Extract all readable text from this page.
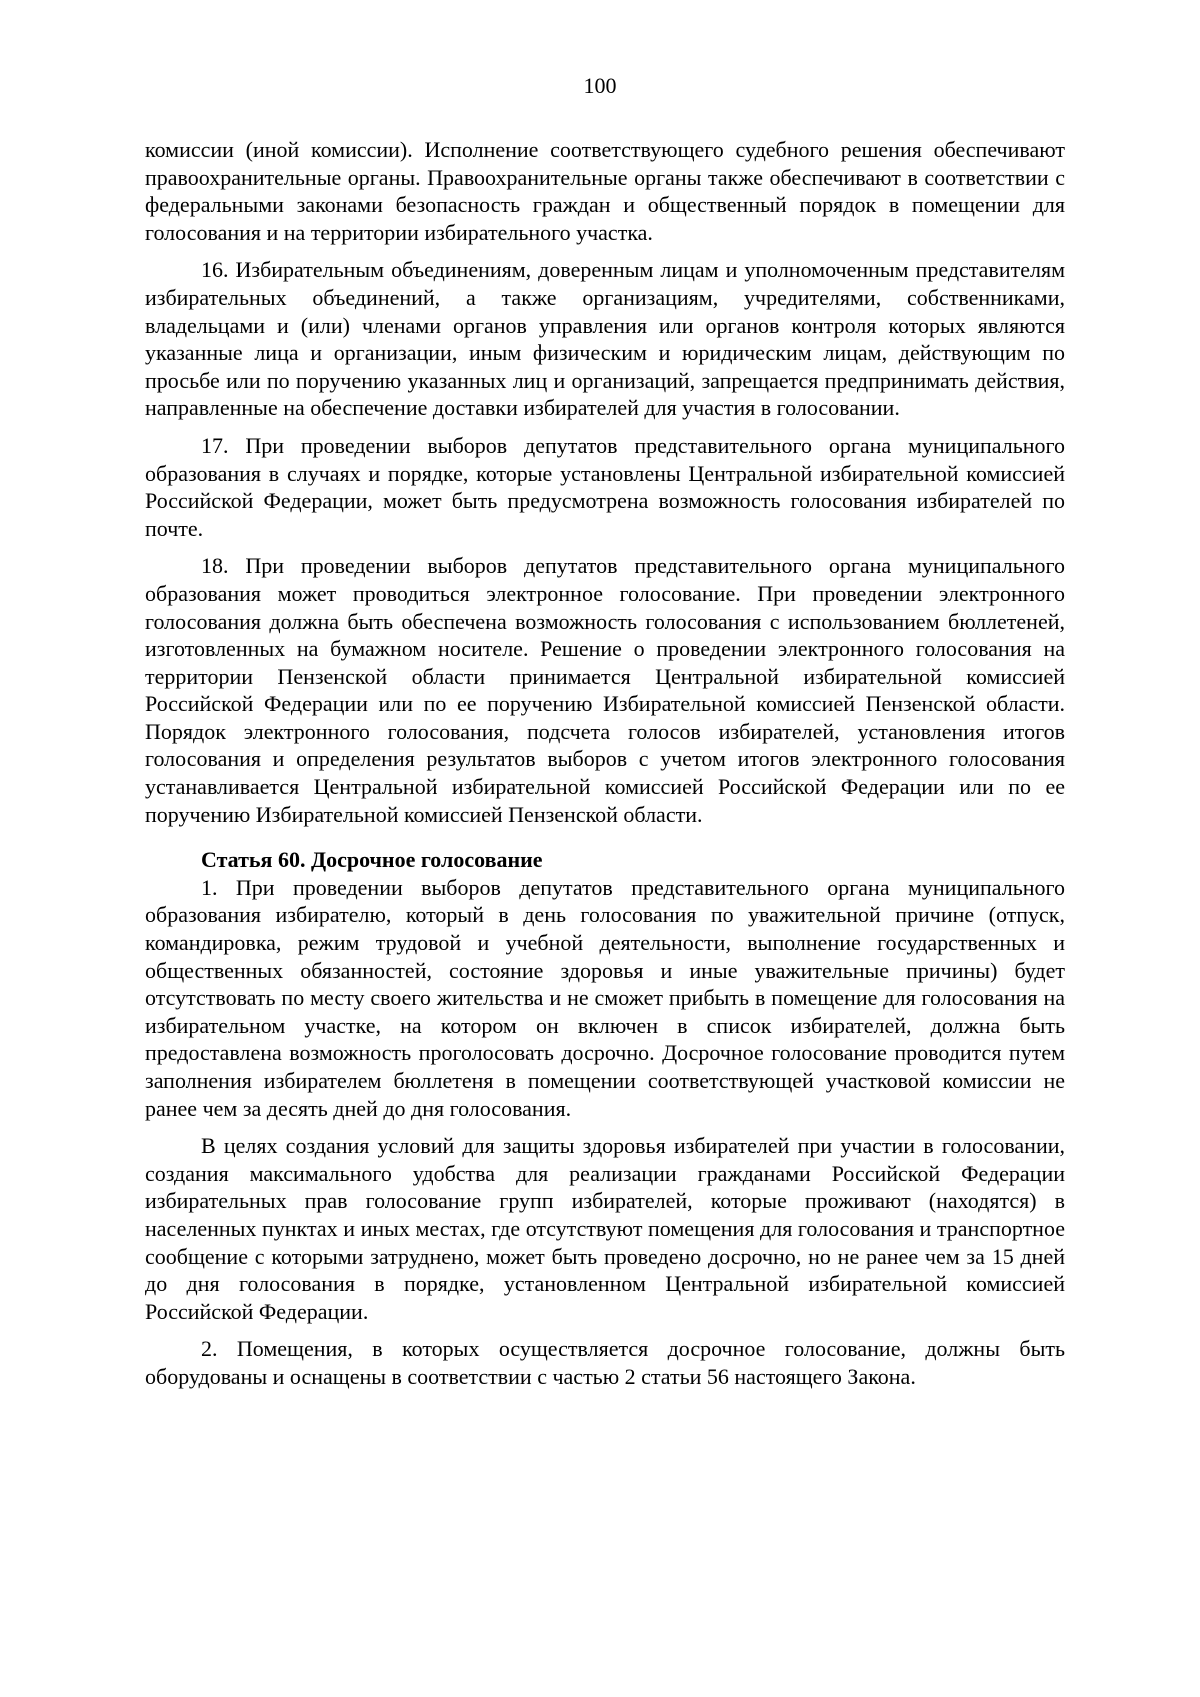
100

комиссии (иной комиссии). Исполнение соответствующего судебного решения обеспечивают правоохранительные органы. Правоохранительные органы также обеспечивают в соответствии с федеральными законами безопасность граждан и общественный порядок в помещении для голосования и на территории избирательного участка.

16. Избирательным объединениям, доверенным лицам и уполномоченным представителям избирательных объединений, а также организациям, учредителями, собственниками, владельцами и (или) членами органов управления или органов контроля которых являются указанные лица и организации, иным физическим и юридическим лицам, действующим по просьбе или по поручению указанных лиц и организаций, запрещается предпринимать действия, направленные на обеспечение доставки избирателей для участия в голосовании.

17. При проведении выборов депутатов представительного органа муниципального образования в случаях и порядке, которые установлены Центральной избирательной комиссией Российской Федерации, может быть предусмотрена возможность голосования избирателей по почте.

18. При проведении выборов депутатов представительного органа муниципального образования может проводиться электронное голосование. При проведении электронного голосования должна быть обеспечена возможность голосования с использованием бюллетеней, изготовленных на бумажном носителе. Решение о проведении электронного голосования на территории Пензенской области принимается Центральной избирательной комиссией Российской Федерации или по ее поручению Избирательной комиссией Пензенской области. Порядок электронного голосования, подсчета голосов избирателей, установления итогов голосования и определения результатов выборов с учетом итогов электронного голосования устанавливается Центральной избирательной комиссией Российской Федерации или по ее поручению Избирательной комиссией Пензенской области.

Статья 60. Досрочное голосование

1. При проведении выборов депутатов представительного органа муниципального образования избирателю, который в день голосования по уважительной причине (отпуск, командировка, режим трудовой и учебной деятельности, выполнение государственных и общественных обязанностей, состояние здоровья и иные уважительные причины) будет отсутствовать по месту своего жительства и не сможет прибыть в помещение для голосования на избирательном участке, на котором он включен в список избирателей, должна быть предоставлена возможность проголосовать досрочно. Досрочное голосование проводится путем заполнения избирателем бюллетеня в помещении соответствующей участковой комиссии не ранее чем за десять дней до дня голосования.

В целях создания условий для защиты здоровья избирателей при участии в голосовании, создания максимального удобства для реализации гражданами Российской Федерации избирательных прав голосование групп избирателей, которые проживают (находятся) в населенных пунктах и иных местах, где отсутствуют помещения для голосования и транспортное сообщение с которыми затруднено, может быть проведено досрочно, но не ранее чем за 15 дней до дня голосования в порядке, установленном Центральной избирательной комиссией Российской Федерации.

2. Помещения, в которых осуществляется досрочное голосование, должны быть оборудованы и оснащены в соответствии с частью 2 статьи 56 настоящего Закона.
